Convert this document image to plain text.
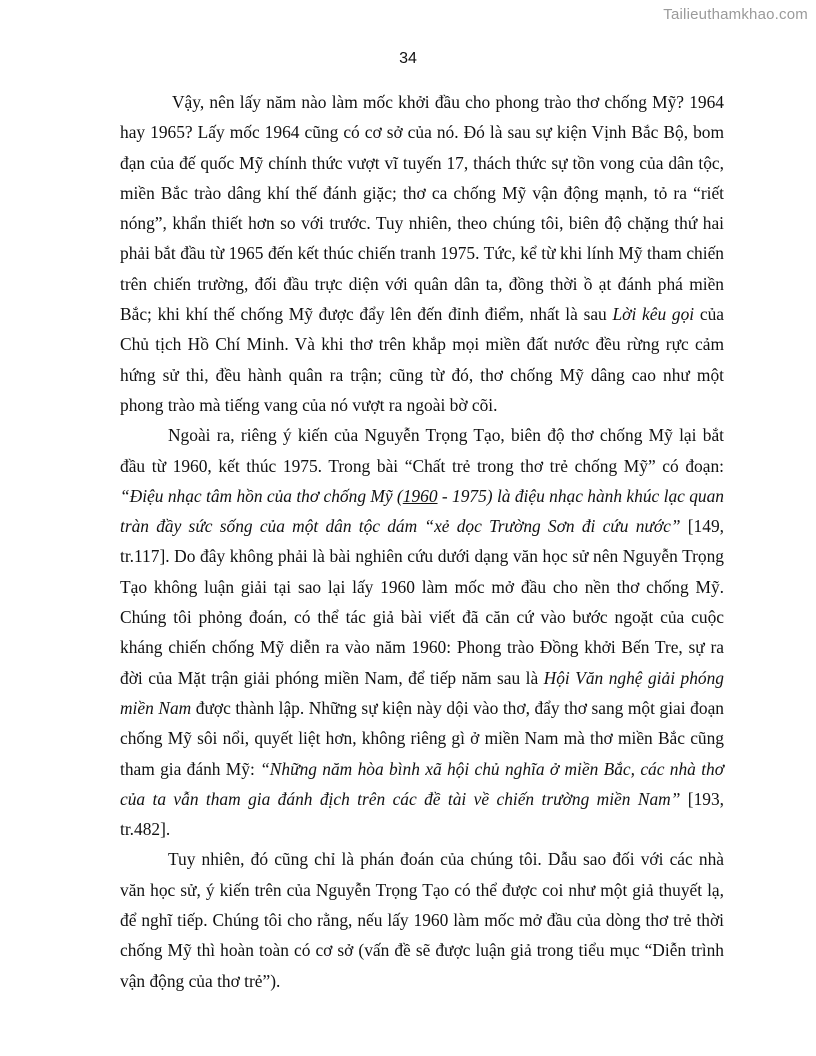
Tailieuthamkhao.com
34

Vậy, nên lấy năm nào làm mốc khởi đầu cho phong trào thơ chống Mỹ? 1964 hay 1965? Lấy mốc 1964 cũng có cơ sở của nó. Đó là sau sự kiện Vịnh Bắc Bộ, bom đạn của đế quốc Mỹ chính thức vượt vĩ tuyến 17, thách thức sự tồn vong của dân tộc, miền Bắc trào dâng khí thế đánh giặc; thơ ca chống Mỹ vận động mạnh, tỏ ra “riết nóng”, khẩn thiết hơn so với trước. Tuy nhiên, theo chúng tôi, biên độ chặng thứ hai phải bắt đầu từ 1965 đến kết thúc chiến tranh 1975. Tức, kể từ khi lính Mỹ tham chiến trên chiến trường, đối đầu trực diện với quân dân ta, đồng thời ồ ạt đánh phá miền Bắc; khi khí thế chống Mỹ được đẩy lên đến đỉnh điểm, nhất là sau Lời kêu gọi của Chủ tịch Hồ Chí Minh. Và khi thơ trên khắp mọi miền đất nước đều rừng rực cảm hứng sử thi, đều hành quân ra trận; cũng từ đó, thơ chống Mỹ dâng cao như một phong trào mà tiếng vang của nó vượt ra ngoài bờ cõi.

Ngoài ra, riêng ý kiến của Nguyễn Trọng Tạo, biên độ thơ chống Mỹ lại bắt đầu từ 1960, kết thúc 1975. Trong bài “Chất trẻ trong thơ trẻ chống Mỹ” có đoạn: “Điệu nhạc tâm hồn của thơ chống Mỹ (1960 - 1975) là điệu nhạc hành khúc lạc quan tràn đầy sức sống của một dân tộc dám “xẻ dọc Trường Sơn đi cứu nước” [149, tr.117]. Do đây không phải là bài nghiên cứu dưới dạng văn học sử nên Nguyễn Trọng Tạo không luận giải tại sao lại lấy 1960 làm mốc mở đầu cho nền thơ chống Mỹ. Chúng tôi phỏng đoán, có thể tác giả bài viết đã căn cứ vào bước ngoặt của cuộc kháng chiến chống Mỹ diễn ra vào năm 1960: Phong trào Đồng khởi Bến Tre, sự ra đời của Mặt trận giải phóng miền Nam, để tiếp năm sau là Hội Văn nghệ giải phóng miền Nam được thành lập. Những sự kiện này dội vào thơ, đẩy thơ sang một giai đoạn chống Mỹ sôi nổi, quyết liệt hơn, không riêng gì ở miền Nam mà thơ miền Bắc cũng tham gia đánh Mỹ: “Những năm hòa bình xã hội chủ nghĩa ở miền Bắc, các nhà thơ của ta vẫn tham gia đánh địch trên các đề tài về chiến trường miền Nam” [193, tr.482].

Tuy nhiên, đó cũng chỉ là phán đoán của chúng tôi. Dẫu sao đối với các nhà văn học sử, ý kiến trên của Nguyễn Trọng Tạo có thể được coi như một giả thuyết lạ, để nghĩ tiếp. Chúng tôi cho rằng, nếu lấy 1960 làm mốc mở đầu của dòng thơ trẻ thời chống Mỹ thì hoàn toàn có cơ sở (vấn đề sẽ được luận giả trong tiểu mục “Diễn trình vận động của thơ trẻ”).
